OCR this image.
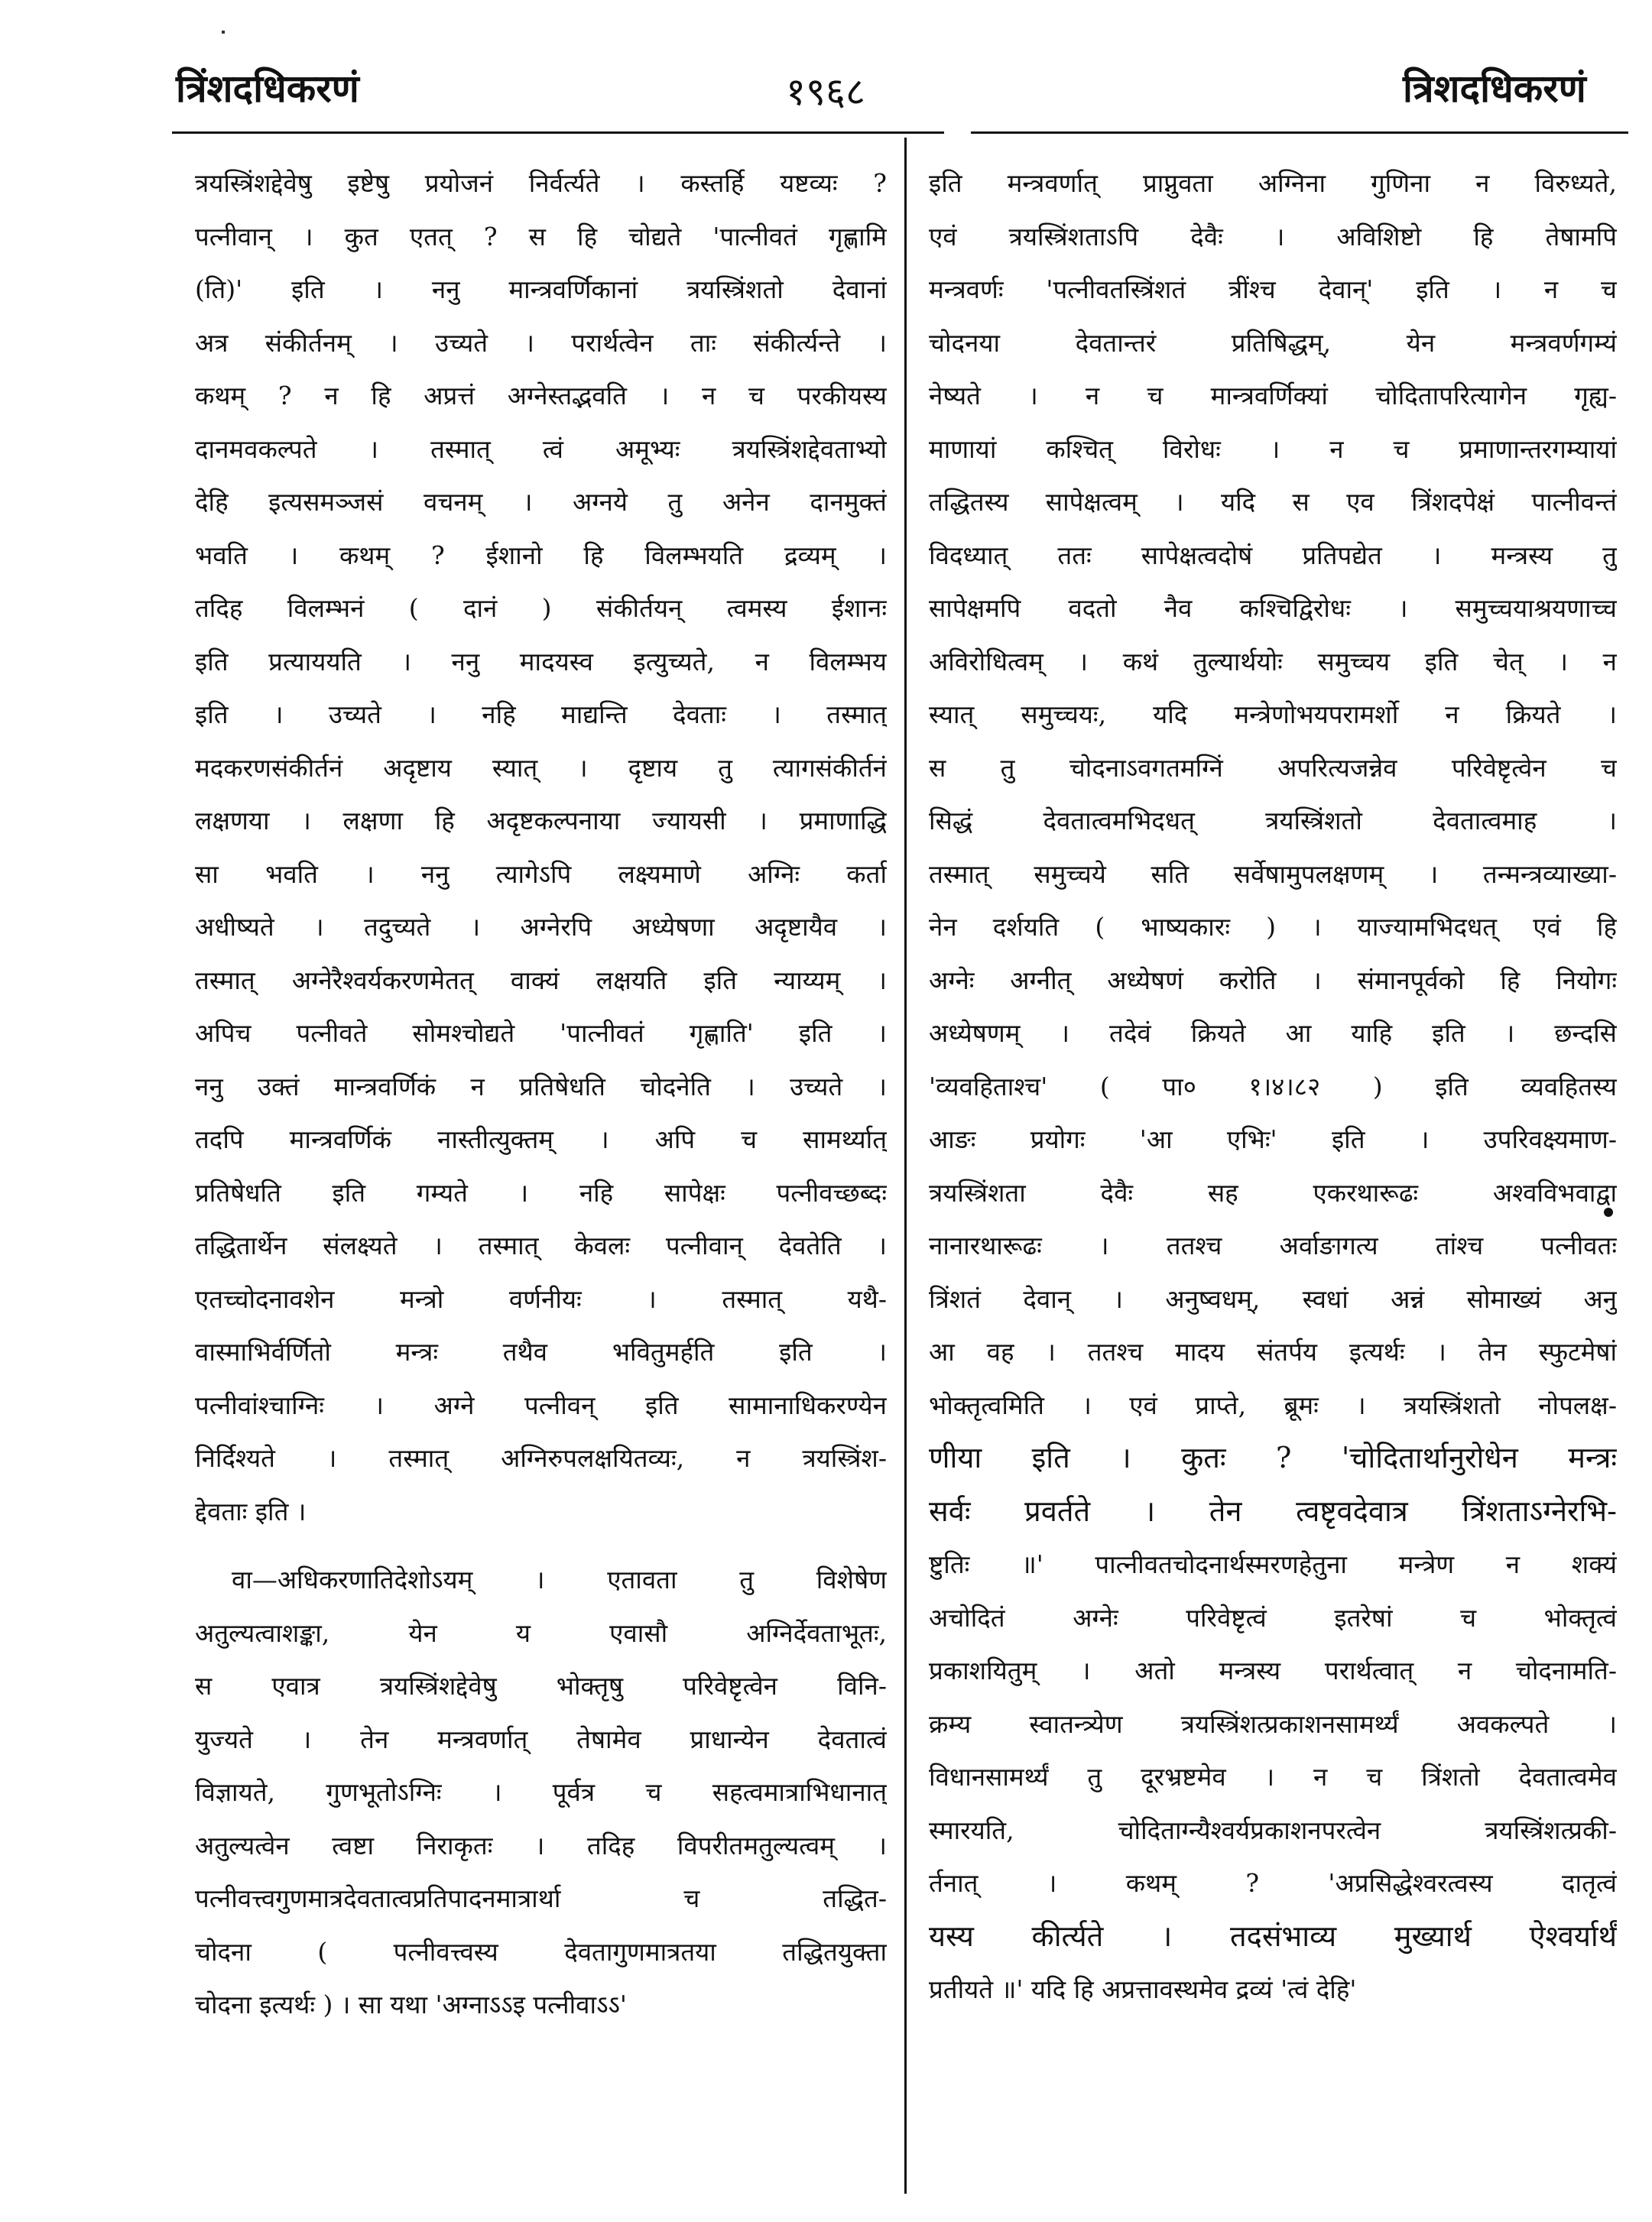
त्रिंशदधिकरणं	१९६८	त्रिशदधिकरणं
त्रयस्त्रिंशद्देवेषु इष्टेषु प्रयोजनं निर्वर्त्यते । कस्तर्हि यष्टव्यः ?
पत्नीवान् । कुत एतत् ? स हि चोद्यते 'पात्नीवतं गृह्णामि
(ति)' इति । ननु मान्त्रवर्णिकानां त्रयस्त्रिंशतो देवानां
अत्र संकीर्तनम् । उच्यते । परार्थत्वेन ताः संकीर्त्यन्ते ।
कथम् ? न हि अप्रत्तं अग्नेस्तद्भवति । न च परकीयस्य
दानमवकल्पते । तस्मात् त्वं अमूभ्यः त्रयस्त्रिंशद्देवताभ्यो
देहि इत्यसमञ्जसं वचनम् । अग्नये तु अनेन दानमुक्तं
भवति । कथम् ? ईशानो हि विलम्भयति द्रव्यम् ।
तदिह विलम्भनं ( दानं ) संकीर्तयन् त्वमस्य ईशानः
इति प्रत्याययति । ननु मादयस्व इत्युच्यते, न विलम्भय
इति । उच्यते । नहि माद्यन्ति देवताः । तस्मात्
मदकरणसंकीर्तनं अदृष्टाय स्यात् । दृष्टाय तु त्यागसंकीर्तनं
लक्षणया । लक्षणा हि अदृष्टकल्पनाया ज्यायसी । प्रमाणाद्धि
सा भवति । ननु त्यागेऽपि लक्ष्यमाणे अग्निः कर्ता
अधीष्यते । तदुच्यते । अग्नेरपि अध्येषणा अदृष्टायैव ।
तस्मात् अग्नेरैश्वर्यकरणमेतत् वाक्यं लक्षयति इति न्याय्यम् ।
अपिच पत्नीवते सोमश्चोद्यते 'पात्नीवतं गृह्णाति' इति ।
ननु उक्तं मान्त्रवर्णिकं न प्रतिषेधति चोदनेति । उच्यते ।
तदपि मान्त्रवर्णिकं नास्तीत्युक्तम् । अपि च सामर्थ्यात्
प्रतिषेधति इति गम्यते । नहि सापेक्षः पत्नीवच्छब्दः
तद्धितार्थेन संलक्ष्यते । तस्मात् केवलः पत्नीवान् देवतेति ।
एतच्चोदनावशेन मन्त्रो वर्णनीयः । तस्मात् यथै-
वास्माभिर्वर्णितो मन्त्रः तथैव भवितुमर्हति इति ।
पत्नीवांश्चाग्निः । अग्ने पत्नीवन् इति सामानाधिकरण्येन
निर्दिश्यते । तस्मात् अग्निरुपलक्षयितव्यः, न त्रयस्त्रिंश-
द्देवताः इति ।
वा—अधिकरणातिदेशोऽयम् । एतावता तु विशेषेण
अतुल्यत्वाशङ्का, येन य एवासौ अग्निर्देवताभूतः,
स एवात्र त्रयस्त्रिंशद्देवेषु भोक्तृषु परिवेष्टृत्वेन विनि-
युज्यते । तेन मन्त्रवर्णात् तेषामेव प्राधान्येन देवतात्वं
विज्ञायते, गुणभूतोऽग्निः । पूर्वत्र च सहत्वमात्राभिधानात्
अतुल्यत्वेन त्वष्टा निराकृतः । तदिह विपरीतमतुल्यत्वम् ।
पत्नीवत्त्वगुणमात्रदेवतात्वप्रतिपादनमात्रार्था च तद्धित-
चोदना ( पत्नीवत्त्वस्य देवतागुणमात्रतया तद्धितयुक्ता
चोदना इत्यर्थः ) । सा यथा 'अग्नाऽऽइ पत्नीवाऽऽ'
इति मन्त्रवर्णात् प्राप्नुवता अग्निना गुणिना न विरुध्यते,
एवं त्रयस्त्रिंशताऽपि देवैः । अविशिष्टो हि तेषामपि
मन्त्रवर्णः 'पत्नीवतस्त्रिंशतं त्रींश्च देवान्' इति । न च
चोदनया देवतान्तरं प्रतिषिद्धम्, येन मन्त्रवर्णगम्यं
नेष्यते । न च मान्त्रवर्णिक्यां चोदितापरित्यागेन गृह्य-
माणायां कश्चित् विरोधः । न च प्रमाणान्तरगम्यायां
तद्धितस्य सापेक्षत्वम् । यदि स एव त्रिंशदपेक्षं पात्नीवन्तं
विदध्यात् ततः सापेक्षत्वदोषं प्रतिपद्येत । मन्त्रस्य तु
सापेक्षमपि वदतो नैव कश्चिद्विरोधः । समुच्चयाश्रयणाच्च
अविरोधित्वम् । कथं तुल्यार्थयोः समुच्चय इति चेत् । न
स्यात् समुच्चयः, यदि मन्त्रेणोभयपरामर्शो न क्रियते ।
स तु चोदनाऽवगतमग्निं अपरित्यजन्नेव परिवेष्टृत्वेन च
सिद्धं देवतात्वमभिदधत् त्रयस्त्रिंशतो देवतात्वमाह ।
तस्मात् समुच्चये सति सर्वेषामुपलक्षणम् । तन्मन्त्रव्याख्या-
नेन दर्शयति ( भाष्यकारः ) । याज्यामभिदधत् एवं हि
अग्नेः अग्नीत् अध्येषणं करोति । संमानपूर्वको हि नियोगः
अध्येषणम् । तदेवं क्रियते आ याहि इति । छन्दसि
'व्यवहिताश्च' ( पा० १।४।८२ ) इति व्यवहितस्य
आङः प्रयोगः 'आ एभिः' इति । उपरिवक्ष्यमाण-
त्रयस्त्रिंशता देवैः सह एकरथारूढः अश्वविभवाद्वा
नानारथारूढः । ततश्च अर्वाङागत्य तांश्च पत्नीवतः
त्रिंशतं देवान् । अनुष्वधम्, स्वधां अन्नं सोमाख्यं अनु
आ वह । ततश्च मादय संतर्पय इत्यर्थः । तेन स्फुटमेषां
भोक्तृत्वमिति । एवं प्राप्ते, ब्रूमः । त्रयस्त्रिंशतो नोपलक्ष-
णीया इति । कुतः ? 'चोदितार्थानुरोधेन मन्त्रः
सर्वः प्रवर्तते । तेन त्वष्टृवदेवात्र त्रिंशताऽग्नेरभि-
ष्टुतिः ॥' पात्नीवतचोदनार्थस्मरणहेतुना मन्त्रेण न शक्यं
अचोदितं अग्नेः परिवेष्टृत्वं इतरेषां च भोक्तृत्वं
प्रकाशयितुम् । अतो मन्त्रस्य परार्थत्वात् न चोदनामति-
क्रम्य स्वातन्त्र्येण त्रयस्त्रिंशत्प्रकाशनसामर्थ्यं अवकल्पते ।
विधानसामर्थ्यं तु दूरभ्रष्टमेव । न च त्रिंशतो देवतात्वमेव
स्मारयति, चोदिताग्न्यैश्वर्यप्रकाशनपरत्वेन त्रयस्त्रिंशत्प्रकी-
र्तनात् । कथम् ? 'अप्रसिद्धेश्वरत्वस्य दातृत्वं
यस्य कीर्त्यते । तदसंभाव्य मुख्यार्थ ऐश्वर्यार्थं
प्रतीयते ॥' यदि हि अप्रत्तावस्थमेव द्रव्यं 'त्वं देहि'
